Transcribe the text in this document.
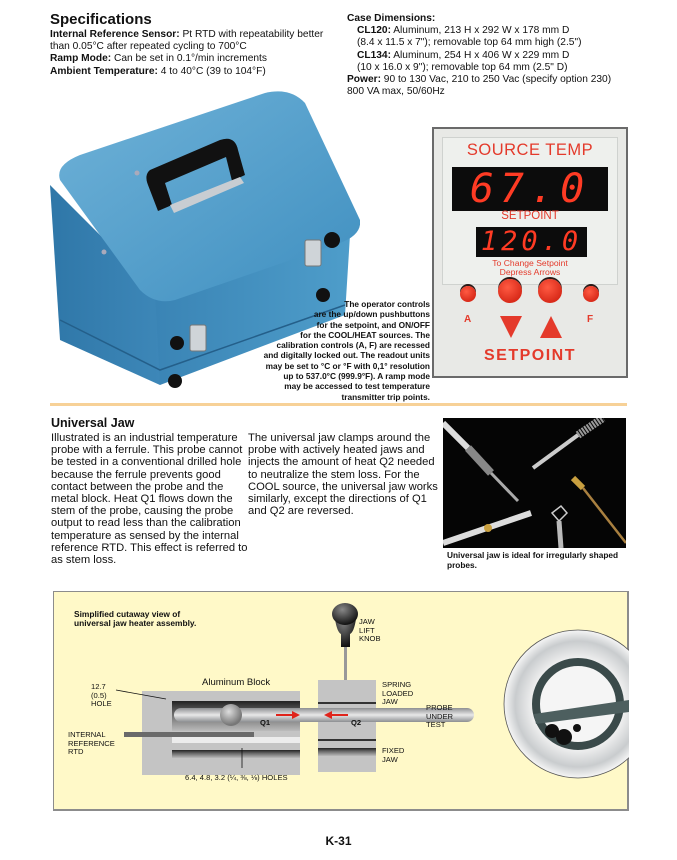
Specifications
Internal Reference Sensor: Pt RTD with repeatability better than 0.05°C after repeated cycling to 700°C
Ramp Mode: Can be set in 0.1°/min increments
Ambient Temperature: 4 to 40°C (39 to 104°F)
Case Dimensions:
CL120: Aluminum, 213 H x 292 W x 178 mm D
(8.4 x 11.5 x 7"); removable top 64 mm high (2.5")
CL134: Aluminum, 254 H x 406 W x 229 mm D
(10 x 16.0 x 9"); removable top 64 mm (2.5" D)
Power: 90 to 130 Vac, 210 to 250 Vac (specify option 230)
800 VA max, 50/60Hz
The operator controls
are the up/down pushbuttons
for the setpoint, and ON/OFF
for the COOL/HEAT sources. The
calibration controls (A, F) are recessed
and digitally locked out. The readout units
may be set to °C or °F with 0,1° resolution
up to 537.0°C (999.9°F). A ramp mode
may be accessed to test temperature
transmitter trip points.
SOURCE TEMP
67.0
SETPOINT
120.0
To Change Setpoint
Depress Arrows
A	F
SETPOINT
Universal Jaw
Illustrated is an industrial temperature probe with a ferrule. This probe cannot be tested in a conventional drilled hole because the ferrule prevents good contact between the probe and the metal block. Heat Q1 flows down the stem of the probe, causing the probe output to read less than the calibration temperature as sensed by the internal reference RTD. This effect is referred to as stem loss.
The universal jaw clamps around the probe with actively heated jaws and injects the amount of heat Q2 needed to neutralize the stem loss. For the COOL source, the universal jaw works similarly, except the directions of Q1 and Q2 are reversed.
Universal jaw is ideal for irregularly shaped probes.
Simplified cutaway view of
universal jaw heater assembly.
Aluminum Block
12.7
(0.5)
HOLE
INTERNAL
REFERENCE
RTD
6.4, 4.8, 3.2 (¼, ⅜, ⅛) HOLES
Q1	Q2
JAW
LIFT
KNOB
SPRING
LOADED
JAW
PROBE
UNDER
TEST
FIXED
JAW
K-31
